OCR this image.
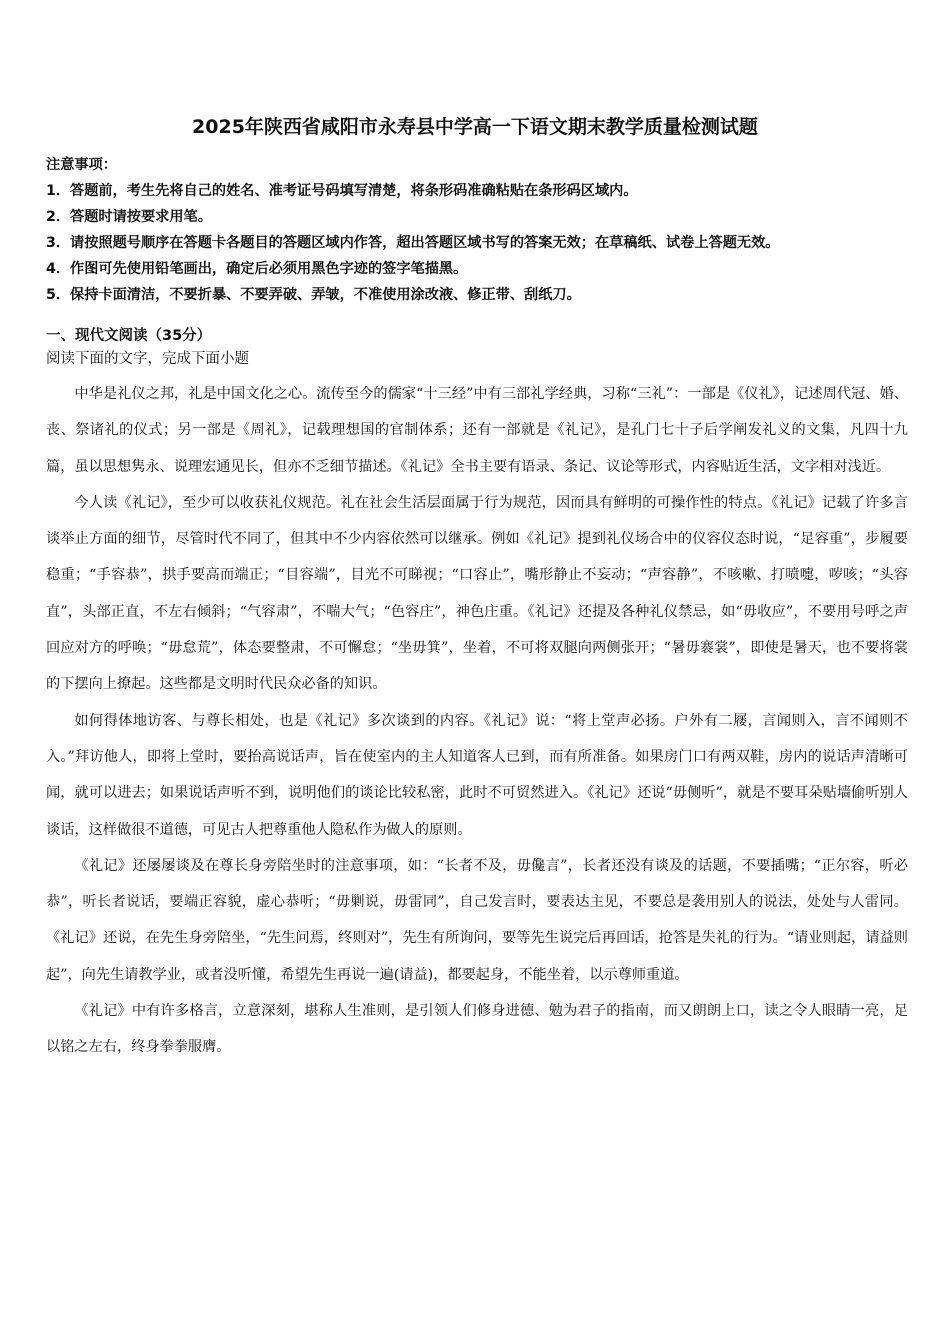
2025年陕西省咸阳市永寿县中学高一下语文期末教学质量检测试题
注意事项：
1．答题前，考生先将自己的姓名、准考证号码填写清楚，将条形码准确粘贴在条形码区域内。
2．答题时请按要求用笔。
3．请按照题号顺序在答题卡各题目的答题区域内作答，超出答题区域书写的答案无效；在草稿纸、试卷上答题无效。
4．作图可先使用铅笔画出，确定后必须用黑色字迹的签字笔描黑。
5．保持卡面清洁，不要折暴、不要弄破、弄皱，不准使用涂改液、修正带、刮纸刀。
一、现代文阅读（35分）
阅读下面的文字，完成下面小题

中华是礼仪之邦，礼是中国文化之心。流传至今的儒家“十三经”中有三部礼学经典，习称“三礼”：一部是《仪礼》，记述周代冠、婚、丧、祭诸礼的仪式；另一部是《周礼》，记载理想国的官制体系；还有一部就是《礼记》，是孔门七十子后学阐发礼义的文集，凡四十九篇，虽以思想隽永、说理宏通见长，但亦不乏细节描述。《礼记》全书主要有语录、条记、议论等形式，内容贴近生活，文字相对浅近。

今人读《礼记》，至少可以收获礼仪规范。礼在社会生活层面属于行为规范，因而具有鲜明的可操作性的特点。《礼记》记载了许多言谈举止方面的细节，尽管时代不同了，但其中不少内容依然可以继承。例如《礼记》提到礼仪场合中的仪容仪态时说，“足容重”，步履要稳重；“手容恭”，拱手要高而端正；“目容端”，目光不可睇视；“口容止”，嘴形静止不妄动；“声容静”，不咳嗽、打喷嚏，哕咳；“头容直”，头部正直，不左右倾斜；“气容肃”，不喘大气；“色容庄”，神色庄重。《礼记》还提及各种礼仪禁忌，如“毋收应”，不要用号呼之声回应对方的呼唤；“毋怠荒”，体态要整肃，不可懈怠；“坐毋箕”，坐着，不可将双腿向两侧张开；“暑毋褰裳”，即使是暑天，也不要将裳的下摆向上撩起。这些都是文明时代民众必备的知识。

如何得体地访客、与尊长相处，也是《礼记》多次谈到的内容。《礼记》说：“将上堂声必扬。户外有二屦，言闻则入，言不闻则不入。”拜访他人，即将上堂时，要抬高说话声，旨在使室内的主人知道客人已到，而有所准备。如果房门口有两双鞋，房内的说话声清晰可闻，就可以进去；如果说话声听不到，说明他们的谈论比较私密，此时不可贸然进入。《礼记》还说“毋侧听”，就是不要耳朵贴墙偷听别人谈话，这样做很不道德，可见古人把尊重他人隐私作为做人的原则。

《礼记》还屡屡谈及在尊长身旁陪坐时的注意事项，如：“长者不及，毋儳言”，长者还没有谈及的话题，不要插嘴；“正尔容，听必恭”，听长者说话，要端正容貌，虚心恭听；“毋剿说，毋雷同”，自己发言时，要表达主见，不要总是袭用别人的说法，处处与人雷同。《礼记》还说，在先生身旁陪坐，“先生问焉，终则对”，先生有所询问，要等先生说完后再回话，抢答是失礼的行为。“请业则起，请益则起”，向先生请教学业，或者没听懂，希望先生再说一遍(请益)，都要起身，不能坐着，以示尊师重道。

《礼记》中有许多格言，立意深刻，堪称人生准则，是引领人们修身进德、勉为君子的指南，而又朗朗上口，读之令人眼睛一亮，足以铭之左右，终身拳拳服膺。
